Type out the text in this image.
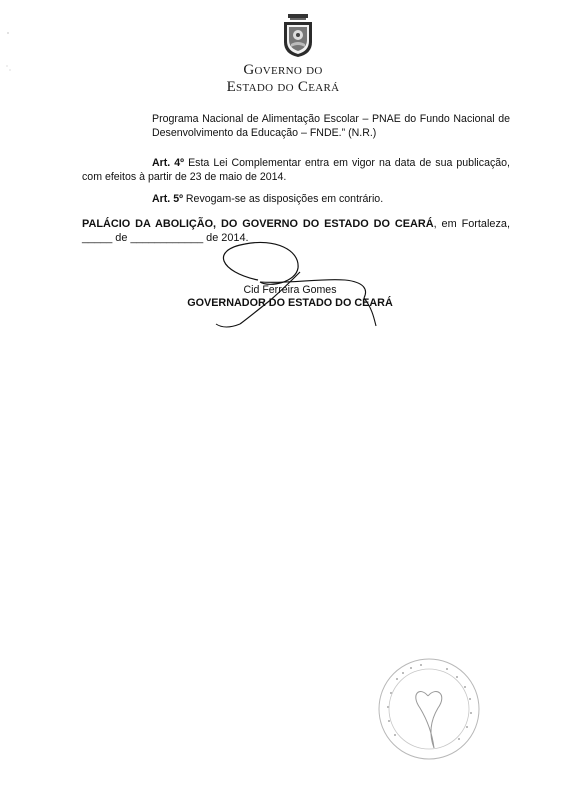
Governo do
Estado do Ceará
Programa Nacional de Alimentação Escolar – PNAE do Fundo Nacional de Desenvolvimento da Educação – FNDE.” (N.R.)
Art. 4º Esta Lei Complementar entra em vigor na data de sua publicação, com efeitos à partir de 23 de maio de 2014.
Art. 5º Revogam-se as disposições em contrário.
PALÁCIO DA ABOLIÇÃO, DO GOVERNO DO ESTADO DO CEARÁ, em Fortaleza, _____ de ____________ de 2014.
Cid Ferreira Gomes
GOVERNADOR DO ESTADO DO CEARÁ
